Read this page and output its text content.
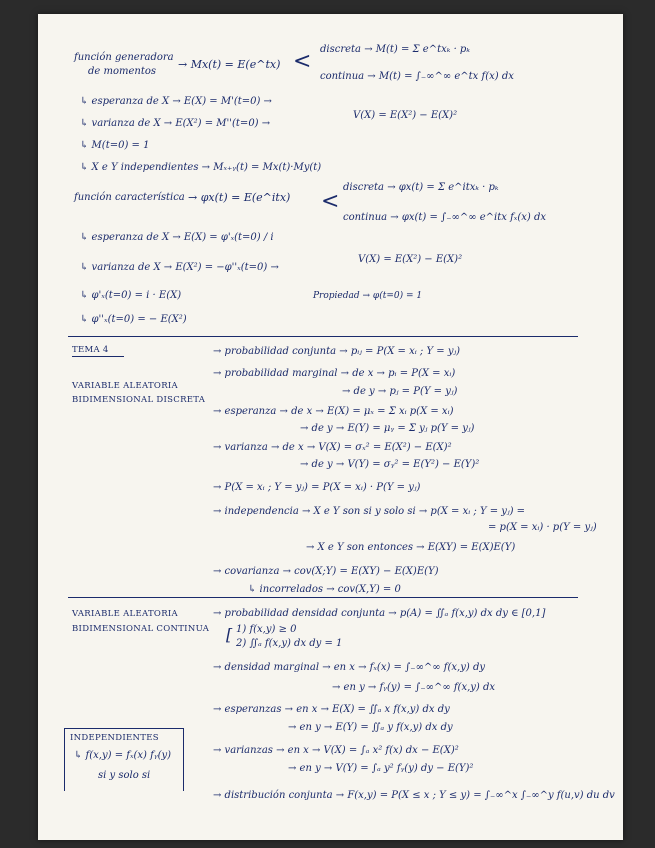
función generadora
de momentos
→ Mx(t) = E(e^tx) < discreta → M(t) = Σ e^txₖ · pₖ
continua → M(t) = ∫₋∞^∞ e^tx f(x) dx
↳ esperanza de X → E(X) = M'(t=0) →
↳ varianza de X → E(X²) = M''(t=0) →
V(X) = E(X²) − E(X)²
↳ M(t=0) = 1
↳ X e Y independientes → Mₓ₊ᵧ(t) = Mx(t)·My(t)
función característica → φx(t) = E(e^itx) <
discreta → φx(t) = Σ e^itxₖ · pₖ
continua → φx(t) = ∫₋∞^∞ e^itx fₓ(x) dx
↳ esperanza de X → E(X) = φ'ₓ(t=0) / i
↳ varianza de X → E(X²) = −φ''ₓ(t=0) →
V(X) = E(X²) − E(X)²
↳ φ'ₓ(t=0) = i · E(X)	Propiedad → φ(t=0) = 1
↳ φ''ₓ(t=0) = − E(X²)
TEMA 4
VARIABLE ALEATORIA
BIDIMENSIONAL DISCRETA
→ probabilidad conjunta → pᵢⱼ = P(X = xᵢ ; Y = yⱼ)
→ probabilidad marginal → de x → pᵢ = P(X = xᵢ)
→ de y → pⱼ = P(Y = yⱼ)
→ esperanza → de x → E(X) = μₓ = Σ xᵢ p(X = xᵢ)
→ de y → E(Y) = μᵧ = Σ yⱼ p(Y = yⱼ)
→ varianza → de x → V(X) = σₓ² = E(X²) − E(X)²
→ de y → V(Y) = σᵧ² = E(Y²) − E(Y)²
→ P(X = xᵢ ; Y = yⱼ) = P(X = xᵢ) · P(Y = yⱼ)
→ independencia → X e Y son si y solo si → p(X = xᵢ ; Y = yⱼ) =
= p(X = xᵢ) · p(Y = yⱼ)
→ X e Y son entonces → E(XY) = E(X)E(Y)
→ covarianza → cov(X;Y) = E(XY) − E(X)E(Y)
↳ incorrelados → cov(X,Y) = 0
VARIABLE ALEATORIA
BIDIMENSIONAL CONTINUA
→ probabilidad densidad conjunta → p(A) = ∬ₐ f(x,y) dx dy ∈ [0,1]
[ 1) f(x,y) ≥ 0
2) ∬ₐ f(x,y) dx dy = 1
→ densidad marginal → en x → fₓ(x) = ∫₋∞^∞ f(x,y) dy
→ en y → fᵧ(y) = ∫₋∞^∞ f(x,y) dx
→ esperanzas → en x → E(X) = ∬ₐ x f(x,y) dx dy
→ en y → E(Y) = ∬ₐ y f(x,y) dx dy
→ varianzas → en x → V(X) = ∫ₐ x² f(x) dx − E(X)²
→ en y → V(Y) = ∫ₐ y² fᵧ(y) dy − E(Y)²
→ distribución conjunta → F(x,y) = P(X ≤ x ; Y ≤ y) = ∫₋∞^x ∫₋∞^y f(u,v) du dv
INDEPENDIENTES
↳ f(x,y) = fₓ(x) fᵧ(y)
si y solo si
